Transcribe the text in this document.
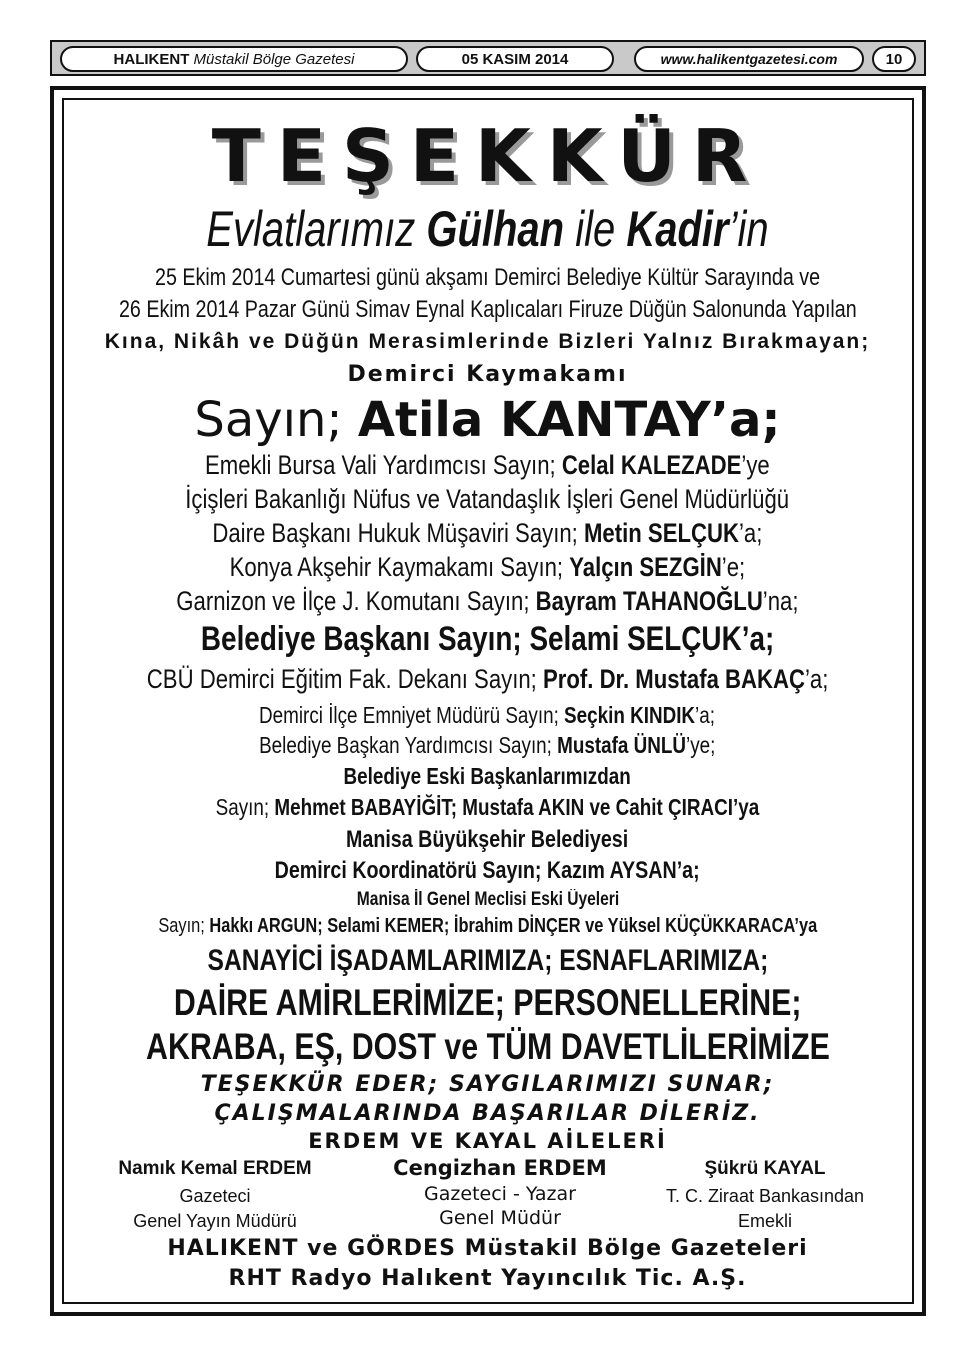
HALIKENT
Müstakil Bölge Gazetesi	05 KASIM 2014	www.halikentgazetesi.com	10
TEŞEKKÜR
Evlatlarımız Gülhan ile Kadir’in
25 Ekim 2014 Cumartesi günü akşamı Demirci Belediye Kültür Sarayında ve
26 Ekim 2014 Pazar Günü Simav Eynal Kaplıcaları Firuze Düğün Salonunda Yapılan
Kına, Nikâh ve Düğün Merasimlerinde Bizleri Yalnız Bırakmayan;
Demirci Kaymakamı
Sayın; Atila KANTAY’a;
Emekli Bursa Vali Yardımcısı Sayın; Celal KALEZADE’ye
İçişleri Bakanlığı Nüfus ve Vatandaşlık İşleri Genel Müdürlüğü
Daire Başkanı Hukuk Müşaviri Sayın; Metin SELÇUK’a;
Konya Akşehir Kaymakamı Sayın; Yalçın SEZGİN’e;
Garnizon ve İlçe J. Komutanı Sayın; Bayram TAHANOĞLU’na;
Belediye Başkanı Sayın; Selami SELÇUK’a;
CBÜ Demirci Eğitim Fak. Dekanı Sayın; Prof. Dr. Mustafa BAKAÇ’a;
Demirci İlçe Emniyet Müdürü Sayın; Seçkin KINDIK’a;
Belediye Başkan Yardımcısı Sayın; Mustafa ÜNLÜ’ye;
Belediye Eski Başkanlarımızdan
Sayın; Mehmet BABAYİĞİT; Mustafa AKIN ve Cahit ÇIRACI’ya
Manisa Büyükşehir Belediyesi
Demirci Koordinatörü Sayın; Kazım AYSAN’a;
Manisa İl Genel Meclisi Eski Üyeleri
Sayın; Hakkı ARGUN; Selami KEMER; İbrahim DİNÇER ve Yüksel KÜÇÜKKARACA’ya
SANAYİCİ İŞADAMLARIMIZA; ESNAFLARIMIZA;
DAİRE AMİRLERİMİZE; PERSONELLERİNE;
AKRABA, EŞ, DOST ve TÜM DAVETLİLERİMİZE
TEŞEKKÜR EDER; SAYGILARIMIZI SUNAR;
ÇALIŞMALARINDA BAŞARILAR DİLERİZ.
ERDEM VE KAYAL AİLELERİ
Namık Kemal ERDEM
Gazeteci
Genel Yayın Müdürü
Cengizhan ERDEM
Gazeteci - Yazar
Genel Müdür
Şükrü KAYAL
T. C. Ziraat Bankasından
Emekli
HALIKENT ve GÖRDES Müstakil Bölge Gazeteleri
RHT Radyo Halıkent Yayıncılık Tic. A.Ş.
